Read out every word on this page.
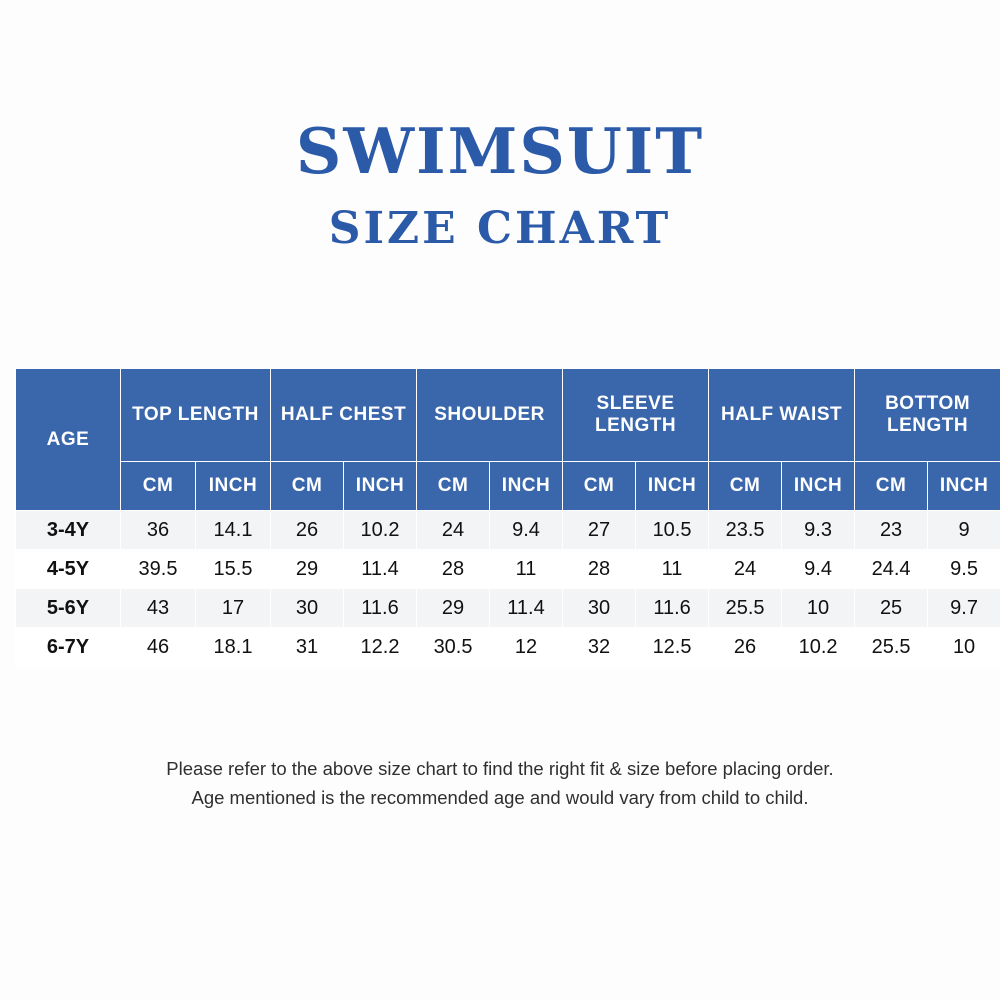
SWIMSUIT
SIZE CHART
AGE	TOP LENGTH		HALF CHEST		SHOULDER		SLEEVE LENGTH		HALF WAIST		BOTTOM LENGTH	
	CM	INCH	CM	INCH	CM	INCH	CM	INCH	CM	INCH	CM	INCH
3-4Y	36	14.1	26	10.2	24	9.4	27	10.5	23.5	9.3	23	9
4-5Y	39.5	15.5	29	11.4	28	11	28	11	24	9.4	24.4	9.5
5-6Y	43	17	30	11.6	29	11.4	30	11.6	25.5	10	25	9.7
6-7Y	46	18.1	31	12.2	30.5	12	32	12.5	26	10.2	25.5	10
Please refer to the above size chart to find the right fit & size before placing order.
Age mentioned is the recommended age and would vary from child to child.
